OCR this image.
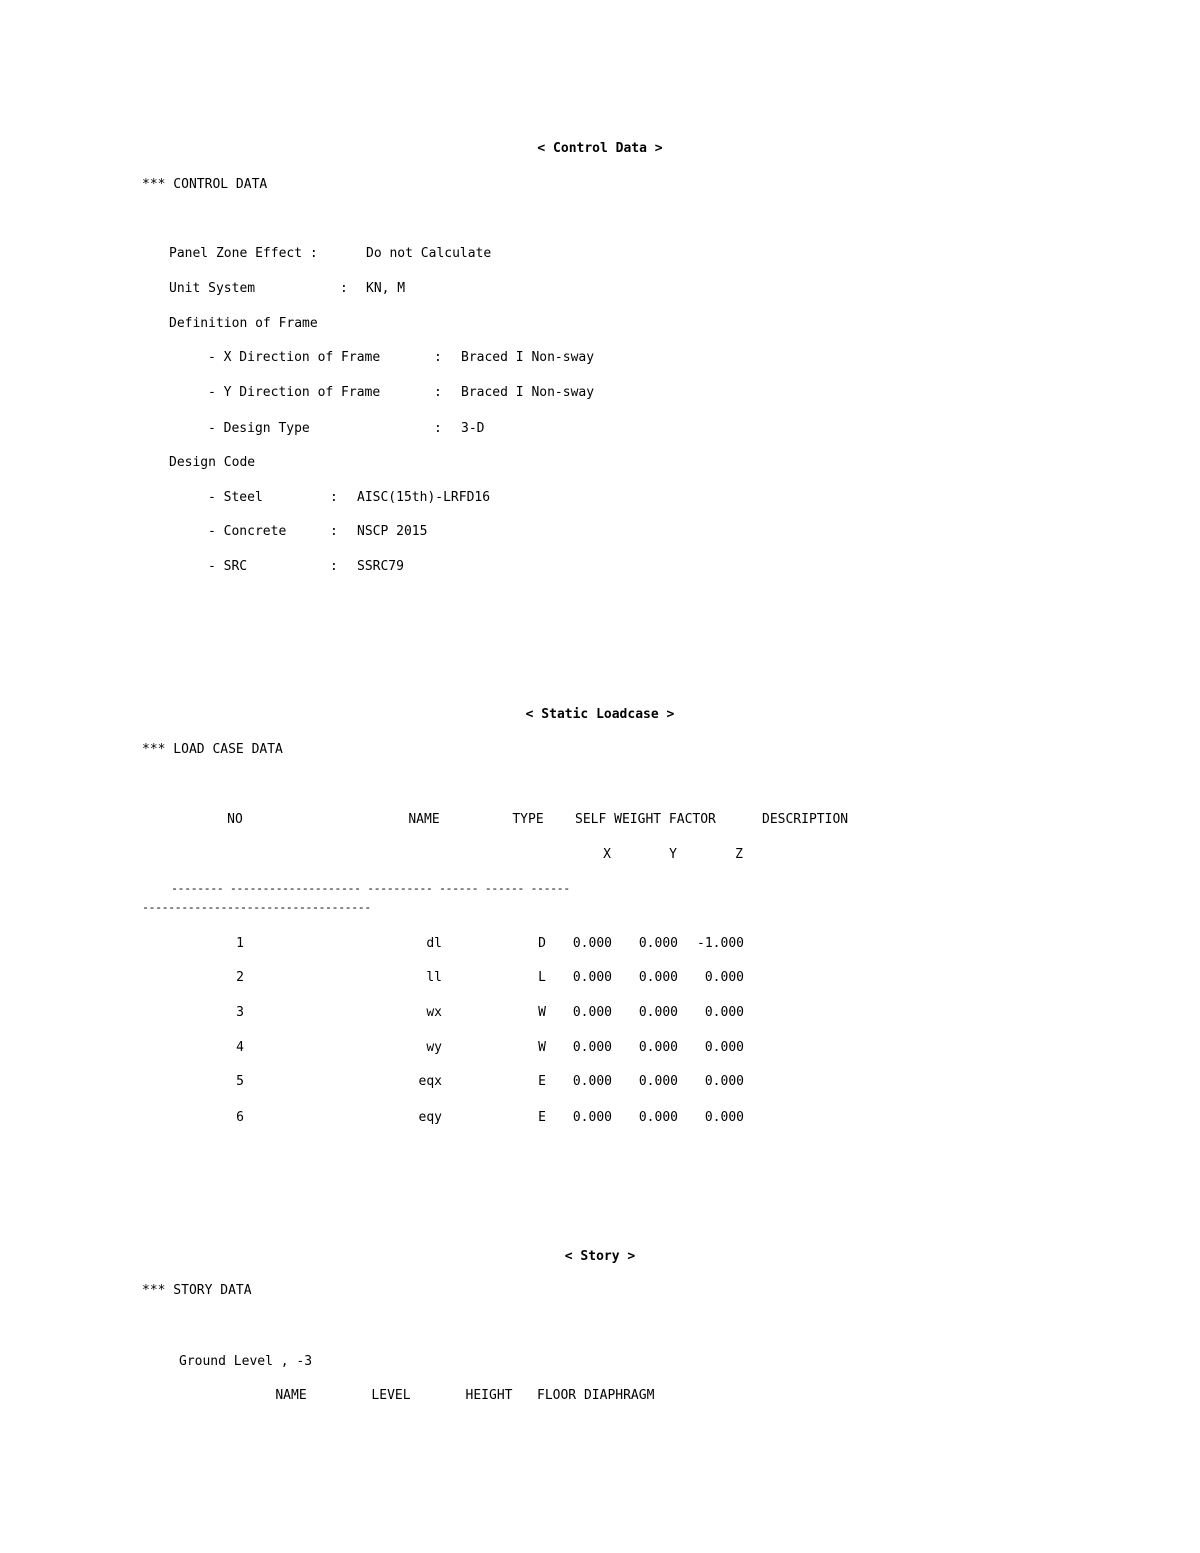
< Control Data >
*** CONTROL DATA
Panel Zone Effect :	Do not Calculate
Unit System	: KN, M
Definition of Frame
- X Direction of Frame	: Braced I Non-sway
- Y Direction of Frame	: Braced I Non-sway
- Design Type	: 3-D
Design Code
- Steel	: AISC(15th)-LRFD16
- Concrete	: NSCP 2015
- SRC	: SSRC79
< Static Loadcase >
*** LOAD CASE DATA
NO	NAME	TYPE SELF WEIGHT FACTOR	DESCRIPTION
X	Y	Z
-------- -------------------- ---------- ------ ------ ------
-----------------------------------
1	dl	D 0.000 0.000 -1.000
2	ll	L 0.000 0.000 0.000
3	wx	W 0.000 0.000 0.000
4	wy	W 0.000 0.000 0.000
5	eqx	E 0.000 0.000 0.000
6	eqy	E 0.000 0.000 0.000
< Story >
*** STORY DATA
Ground Level , -3
NAME	LEVEL	HEIGHT FLOOR DIAPHRAGM
